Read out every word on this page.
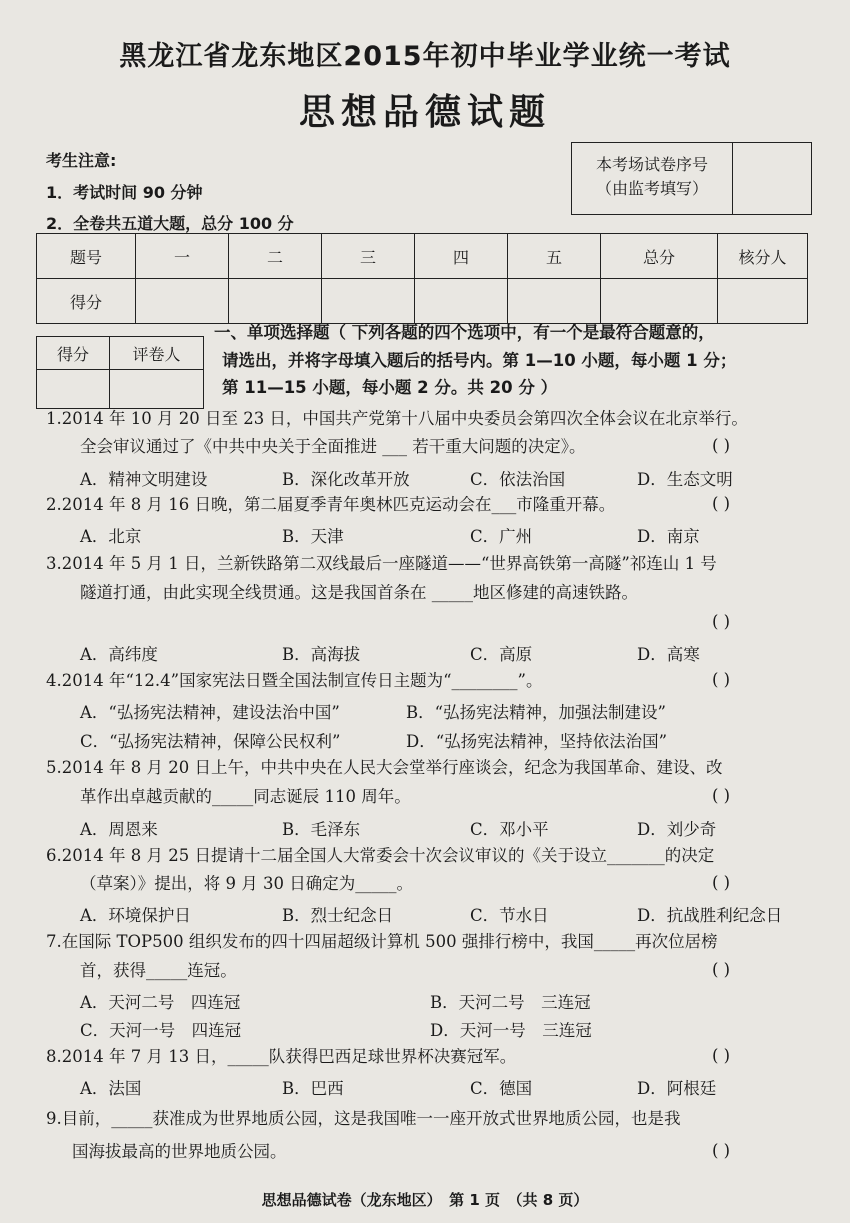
黑龙江省龙东地区2015年初中毕业学业统一考试
思想品德试题
考生注意:
1．考试时间 90 分钟
2．全卷共五道大题，总分 100 分
本考场试卷序号
（由监考填写）
题号	一	二	三	四	五	总分	核分人
得分							
得分	评卷人

一、单项选择题（ 下列各题的四个选项中，有一个是最符合题意的，
请选出，并将字母填入题后的括号内。第 1—10 小题，每小题 1 分；
第 11—15 小题，每小题 2 分。共 20 分 ）
1.2014 年 10 月 20 日至 23 日，中国共产党第十八届中央委员会第四次全体会议在北京举行。
全会审议通过了《中共中央关于全面推进 ___ 若干重大问题的决定》。	( )
A．精神文明建设	B．深化改革开放	C．依法治国	D．生态文明
2.2014 年 8 月 16 日晚，第二届夏季青年奥林匹克运动会在___市隆重开幕。	( )
A．北京	B．天津	C．广州	D．南京
3.2014 年 5 月 1 日，兰新铁路第二双线最后一座隧道——“世界高铁第一高隧”祁连山 1 号
隧道打通，由此实现全线贯通。这是我国首条在 _____地区修建的高速铁路。
( )
A．高纬度	B．高海拔	C．高原	D．高寒
4.2014 年“12.4”国家宪法日暨全国法制宣传日主题为“________”。	( )
A．“弘扬宪法精神，建设法治中国”	B．“弘扬宪法精神，加强法制建设”
C．“弘扬宪法精神，保障公民权利”	D．“弘扬宪法精神，坚持依法治国”
5.2014 年 8 月 20 日上午，中共中央在人民大会堂举行座谈会，纪念为我国革命、建设、改
革作出卓越贡献的_____同志诞辰 110 周年。	( )
A．周恩来	B．毛泽东	C．邓小平	D．刘少奇
6.2014 年 8 月 25 日提请十二届全国人大常委会十次会议审议的《关于设立_______的决定
（草案）》提出，将 9 月 30 日确定为_____。	( )
A．环境保护日	B．烈士纪念日	C．节水日	D．抗战胜利纪念日
7.在国际 TOP500 组织发布的四十四届超级计算机 500 强排行榜中，我国_____再次位居榜
首，获得_____连冠。	( )
A．天河二号　四连冠	B．天河二号　三连冠
C．天河一号　四连冠	D．天河一号　三连冠
8.2014 年 7 月 13 日，_____队获得巴西足球世界杯决赛冠军。	( )
A．法国	B．巴西	C．德国	D．阿根廷
9.目前，_____获准成为世界地质公园，这是我国唯一一座开放式世界地质公园，也是我
国海拔最高的世界地质公园。	( )
思想品德试卷（龙东地区）　第 1 页　（共 8 页）
